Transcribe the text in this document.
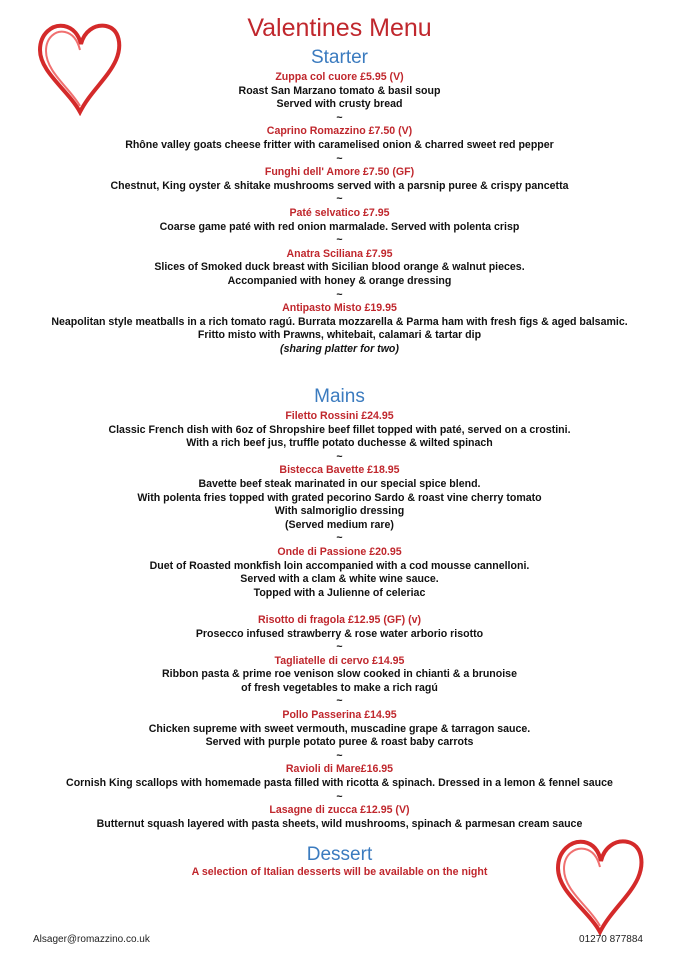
Valentines Menu
Starter
Zuppa col cuore £5.95 (V)
Roast San Marzano tomato & basil soup
Served with crusty bread
~
Caprino Romazzino £7.50 (V)
Rhône valley goats cheese fritter with caramelised onion & charred sweet red pepper
~
Funghi dell' Amore £7.50 (GF)
Chestnut, King oyster & shitake mushrooms served with a parsnip puree & crispy pancetta
~
Paté selvatico £7.95
Coarse game paté with red onion marmalade. Served with polenta crisp
~
Anatra Sciliana £7.95
Slices of Smoked duck breast with Sicilian blood orange & walnut pieces.
Accompanied with honey & orange dressing
~
Antipasto Misto £19.95
Neapolitan style meatballs in a rich tomato ragú. Burrata mozzarella & Parma ham with fresh figs & aged balsamic.
Fritto misto with Prawns, whitebait, calamari & tartar dip
(sharing platter for two)
Mains
Filetto Rossini £24.95
Classic French dish with 6oz of Shropshire beef fillet topped with paté, served on a crostini.
With a rich beef jus, truffle potato duchesse & wilted spinach
~
Bistecca Bavette £18.95
Bavette beef steak marinated in our special spice blend.
With polenta fries topped with grated pecorino Sardo & roast vine cherry tomato
With salmoriglio dressing
(Served medium rare)
~
Onde di Passione £20.95
Duet of Roasted monkfish loin accompanied with a cod mousse cannelloni.
Served with a clam & white wine sauce.
Topped with a Julienne of celeriac
Risotto di fragola £12.95 (GF) (v)
Prosecco infused strawberry & rose water arborio risotto
~
Tagliatelle di cervo £14.95
Ribbon pasta & prime roe venison slow cooked in chianti & a brunoise
of fresh vegetables to make a rich ragú
~
Pollo Passerina £14.95
Chicken supreme with sweet vermouth, muscadine grape & tarragon sauce.
Served with purple potato puree & roast baby carrots
~
Ravioli di Mare£16.95
Cornish King scallops with homemade pasta filled with ricotta & spinach. Dressed in a lemon & fennel sauce
~
Lasagne di zucca £12.95 (V)
Butternut squash layered with pasta sheets, wild mushrooms, spinach & parmesan cream sauce
Dessert
A selection of Italian desserts will be available on the night
Alsager@romazzino.co.uk	01270 877884
